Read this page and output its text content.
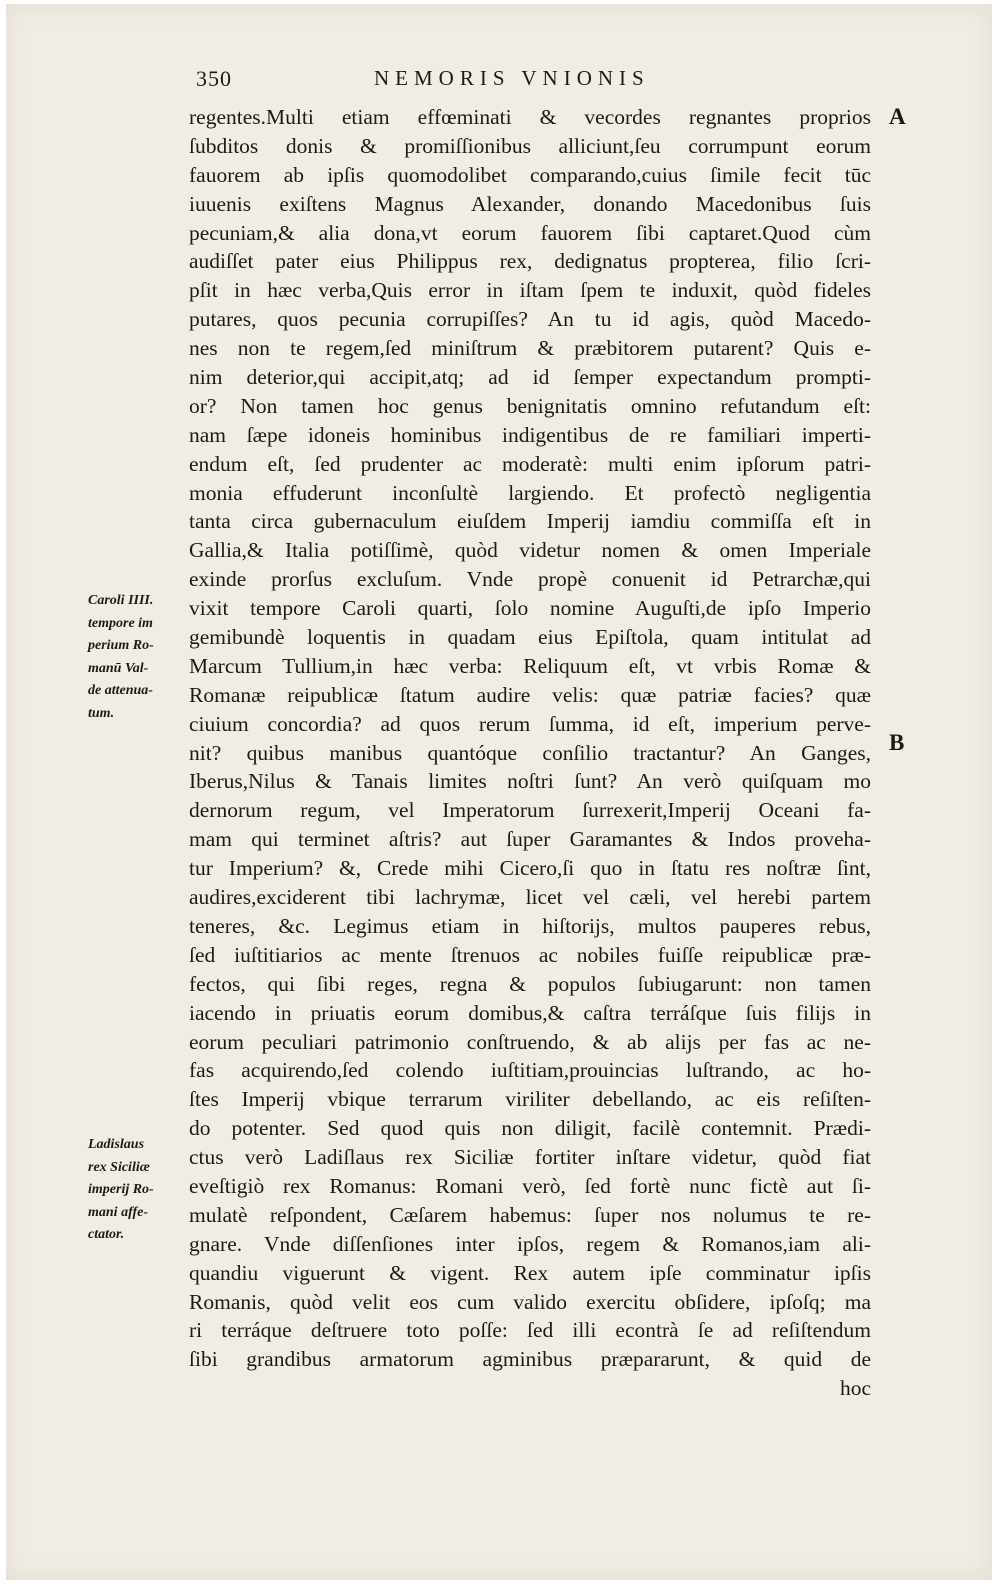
350	NEMORIS VNIONIS
A
B
Caroli IIII.
tempore im
perium Ro-
manū Val-
de attenua-
tum.
Ladislaus
rex Siciliæ
imperij Ro-
mani affe-
ctator.
regentes.Multi etiam effœminati & vecordes regnantes proprios
ſubditos donis & promiſſionibus alliciunt,ſeu corrumpunt eorum
fauorem ab ipſis quomodolibet comparando,cuius ſimile fecit tūc
iuuenis exiſtens Magnus Alexander, donando Macedonibus ſuis
pecuniam,& alia dona,vt eorum fauorem ſibi captaret.Quod cùm
audiſſet pater eius Philippus rex, dedignatus propterea, filio ſcri-
pſit in hæc verba,Quis error in iſtam ſpem te induxit, quòd fideles
putares, quos pecunia corrupiſſes? An tu id agis, quòd Macedo-
nes non te regem,ſed miniſtrum & præbitorem putarent? Quis e-
nim deterior,qui accipit,atq; ad id ſemper expectandum prompti-
or? Non tamen hoc genus benignitatis omnino refutandum eſt:
nam ſæpe idoneis hominibus indigentibus de re familiari imperti-
endum eſt, ſed prudenter ac moderatè: multi enim ipſorum patri-
monia effuderunt inconſultè largiendo. Et profectò negligentia
tanta circa gubernaculum eiuſdem Imperij iamdiu commiſſa eſt in
Gallia,& Italia potiſſimè, quòd videtur nomen & omen Imperiale
exinde prorſus excluſum. Vnde propè conuenit id Petrarchæ,qui
vixit tempore Caroli quarti, ſolo nomine Auguſti,de ipſo Imperio
gemibundè loquentis in quadam eius Epiſtola, quam intitulat ad
Marcum Tullium,in hæc verba: Reliquum eſt, vt vrbis Romæ &
Romanæ reipublicæ ſtatum audire velis: quæ patriæ facies? quæ
ciuium concordia? ad quos rerum ſumma, id eſt, imperium perve-
nit? quibus manibus quantóque conſilio tractantur? An Ganges,
Iberus,Nilus & Tanais limites noſtri ſunt? An verò quiſquam mo
dernorum regum, vel Imperatorum ſurrexerit,Imperij Oceani fa-
mam qui terminet aſtris? aut ſuper Garamantes & Indos proveha-
tur Imperium? &, Crede mihi Cicero,ſi quo in ſtatu res noſtræ ſint,
audires,exciderent tibi lachrymæ, licet vel cæli, vel herebi partem
teneres, &c. Legimus etiam in hiſtorijs, multos pauperes rebus,
ſed iuſtitiarios ac mente ſtrenuos ac nobiles fuiſſe reipublicæ præ-
fectos, qui ſibi reges, regna & populos ſubiugarunt: non tamen
iacendo in priuatis eorum domibus,& caſtra terráſque ſuis filijs in
eorum peculiari patrimonio conſtruendo, & ab alijs per fas ac ne-
fas acquirendo,ſed colendo iuſtitiam,prouincias luſtrando, ac ho-
ſtes Imperij vbique terrarum viriliter debellando, ac eis reſiſten-
do potenter. Sed quod quis non diligit, facilè contemnit. Prædi-
ctus verò Ladiſlaus rex Siciliæ fortiter inſtare videtur, quòd fiat
eveſtigiò rex Romanus: Romani verò, ſed fortè nunc fictè aut ſi-
mulatè reſpondent, Cæſarem habemus: ſuper nos nolumus te re-
gnare. Vnde diſſenſiones inter ipſos, regem & Romanos,iam ali-
quandiu viguerunt & vigent. Rex autem ipſe comminatur ipſis
Romanis, quòd velit eos cum valido exercitu obſidere, ipſoſq; ma
ri terráque deſtruere toto poſſe: ſed illi econtrà ſe ad reſiſtendum
ſibi grandibus armatorum agminibus præpararunt, & quid de
hoc
